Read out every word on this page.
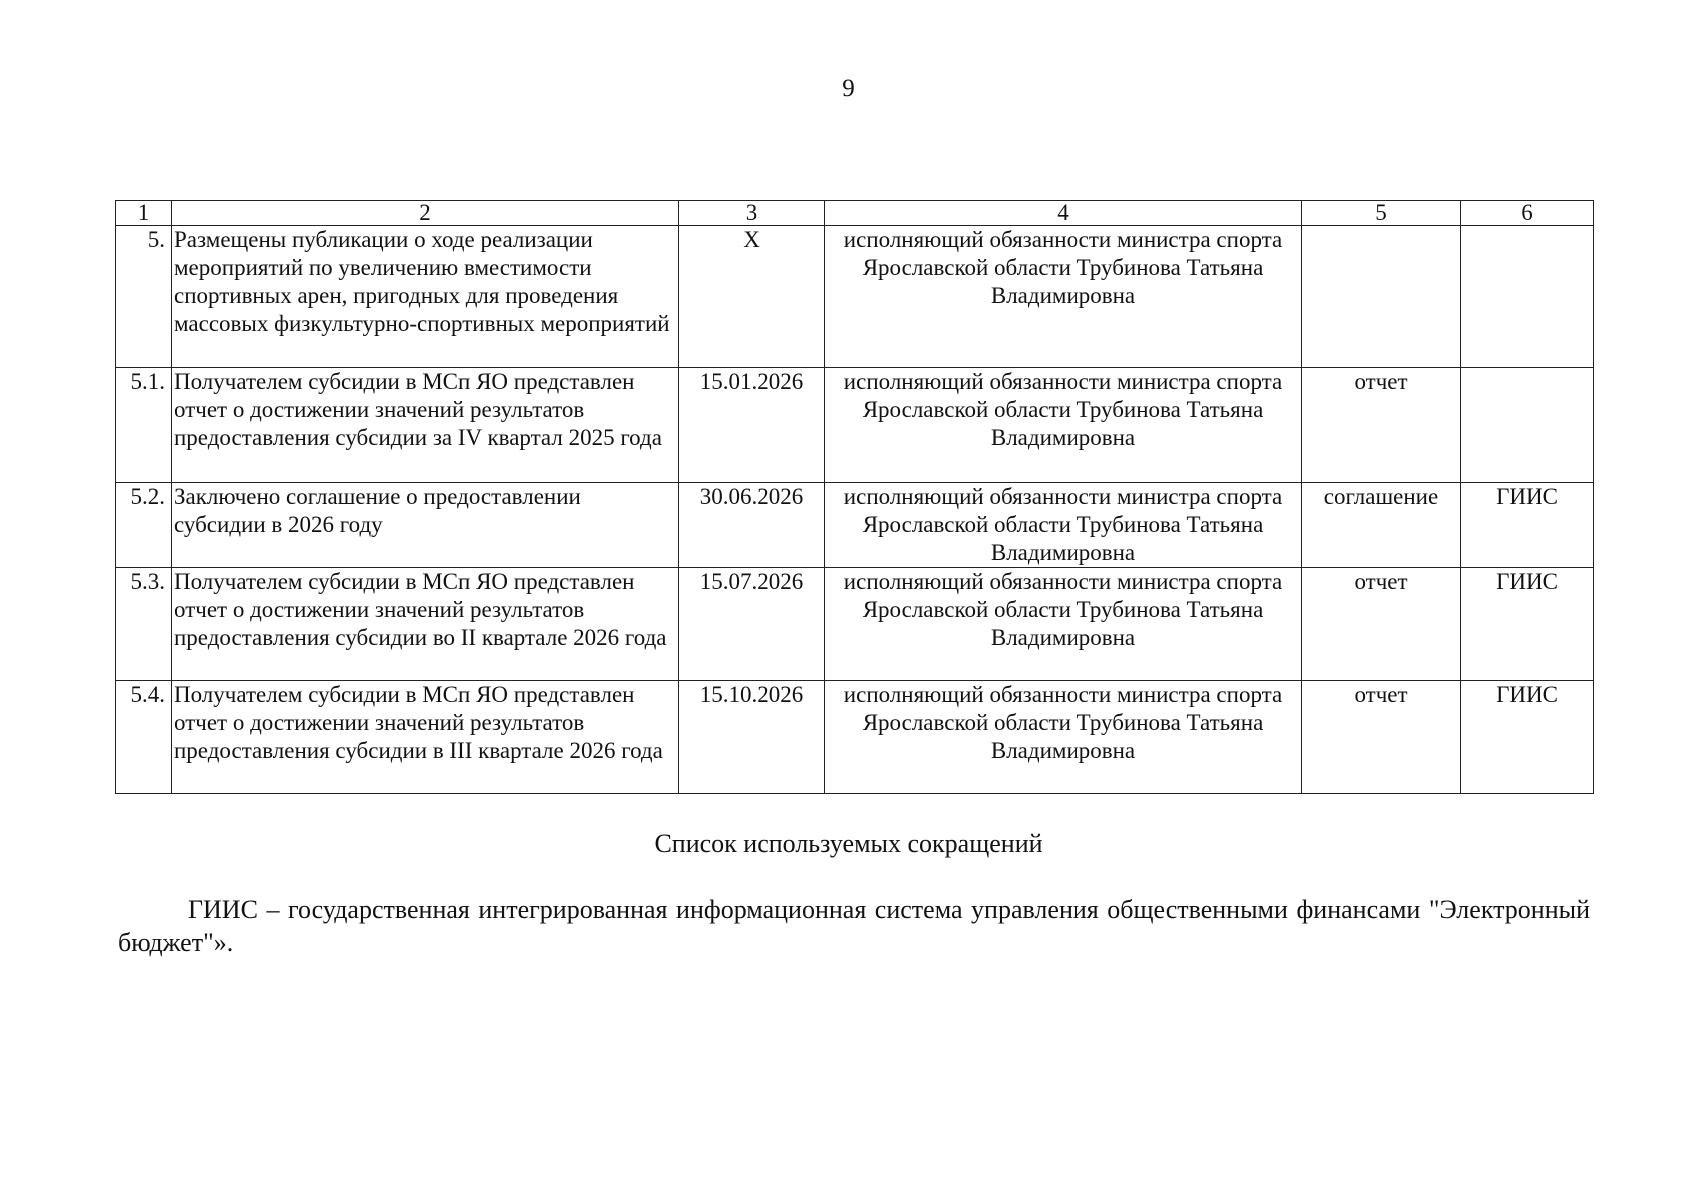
9
1	2	3	4	5	6
5.	Размещены публикации о ходе реализации мероприятий по увеличению вместимости спортивных арен, пригодных для проведения массовых физкультурно-спортивных мероприятий	X	исполняющий обязанности министра спорта Ярославской области Трубинова Татьяна Владимировна		
5.1.	Получателем субсидии в МСп ЯО представлен отчет о достижении значений результатов предоставления субсидии за IV квартал 2025 года	15.01.2026	исполняющий обязанности министра спорта Ярославской области Трубинова Татьяна Владимировна	отчет	
5.2.	Заключено соглашение о предоставлении субсидии в 2026 году	30.06.2026	исполняющий обязанности министра спорта Ярославской области Трубинова Татьяна Владимировна	соглашение	ГИИС
5.3.	Получателем субсидии в МСп ЯО представлен отчет о достижении значений результатов предоставления субсидии во II квартале 2026 года	15.07.2026	исполняющий обязанности министра спорта Ярославской области Трубинова Татьяна Владимировна	отчет	ГИИС
5.4.	Получателем субсидии в МСп ЯО представлен отчет о достижении значений результатов предоставления субсидии в III квартале 2026 года	15.10.2026	исполняющий обязанности министра спорта Ярославской области Трубинова Татьяна Владимировна	отчет	ГИИС
Список используемых сокращений
ГИИС – государственная интегрированная информационная система управления общественными финансами "Электронный бюджет"».
